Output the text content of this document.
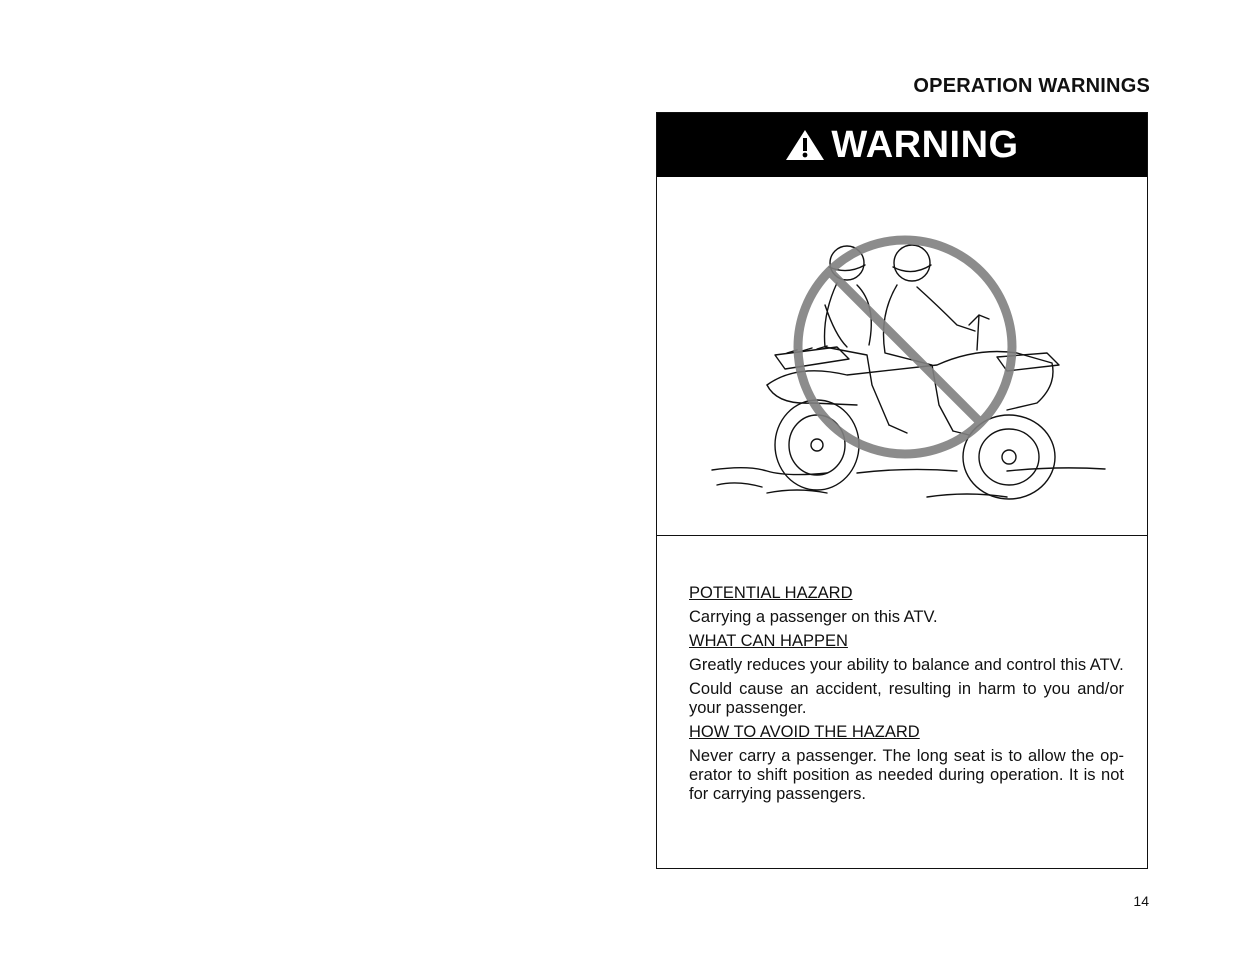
OPERATION WARNINGS
WARNING
POTENTIAL HAZARD
Carrying a passenger on this ATV.
WHAT CAN HAPPEN
Greatly reduces your ability to balance and control this ATV.
Could cause an accident, resulting in harm to you and/or your passenger.
HOW TO AVOID THE HAZARD
Never carry a passenger. The long seat is to allow the operator to shift position as needed during operation. It is not for carrying passengers.
14
